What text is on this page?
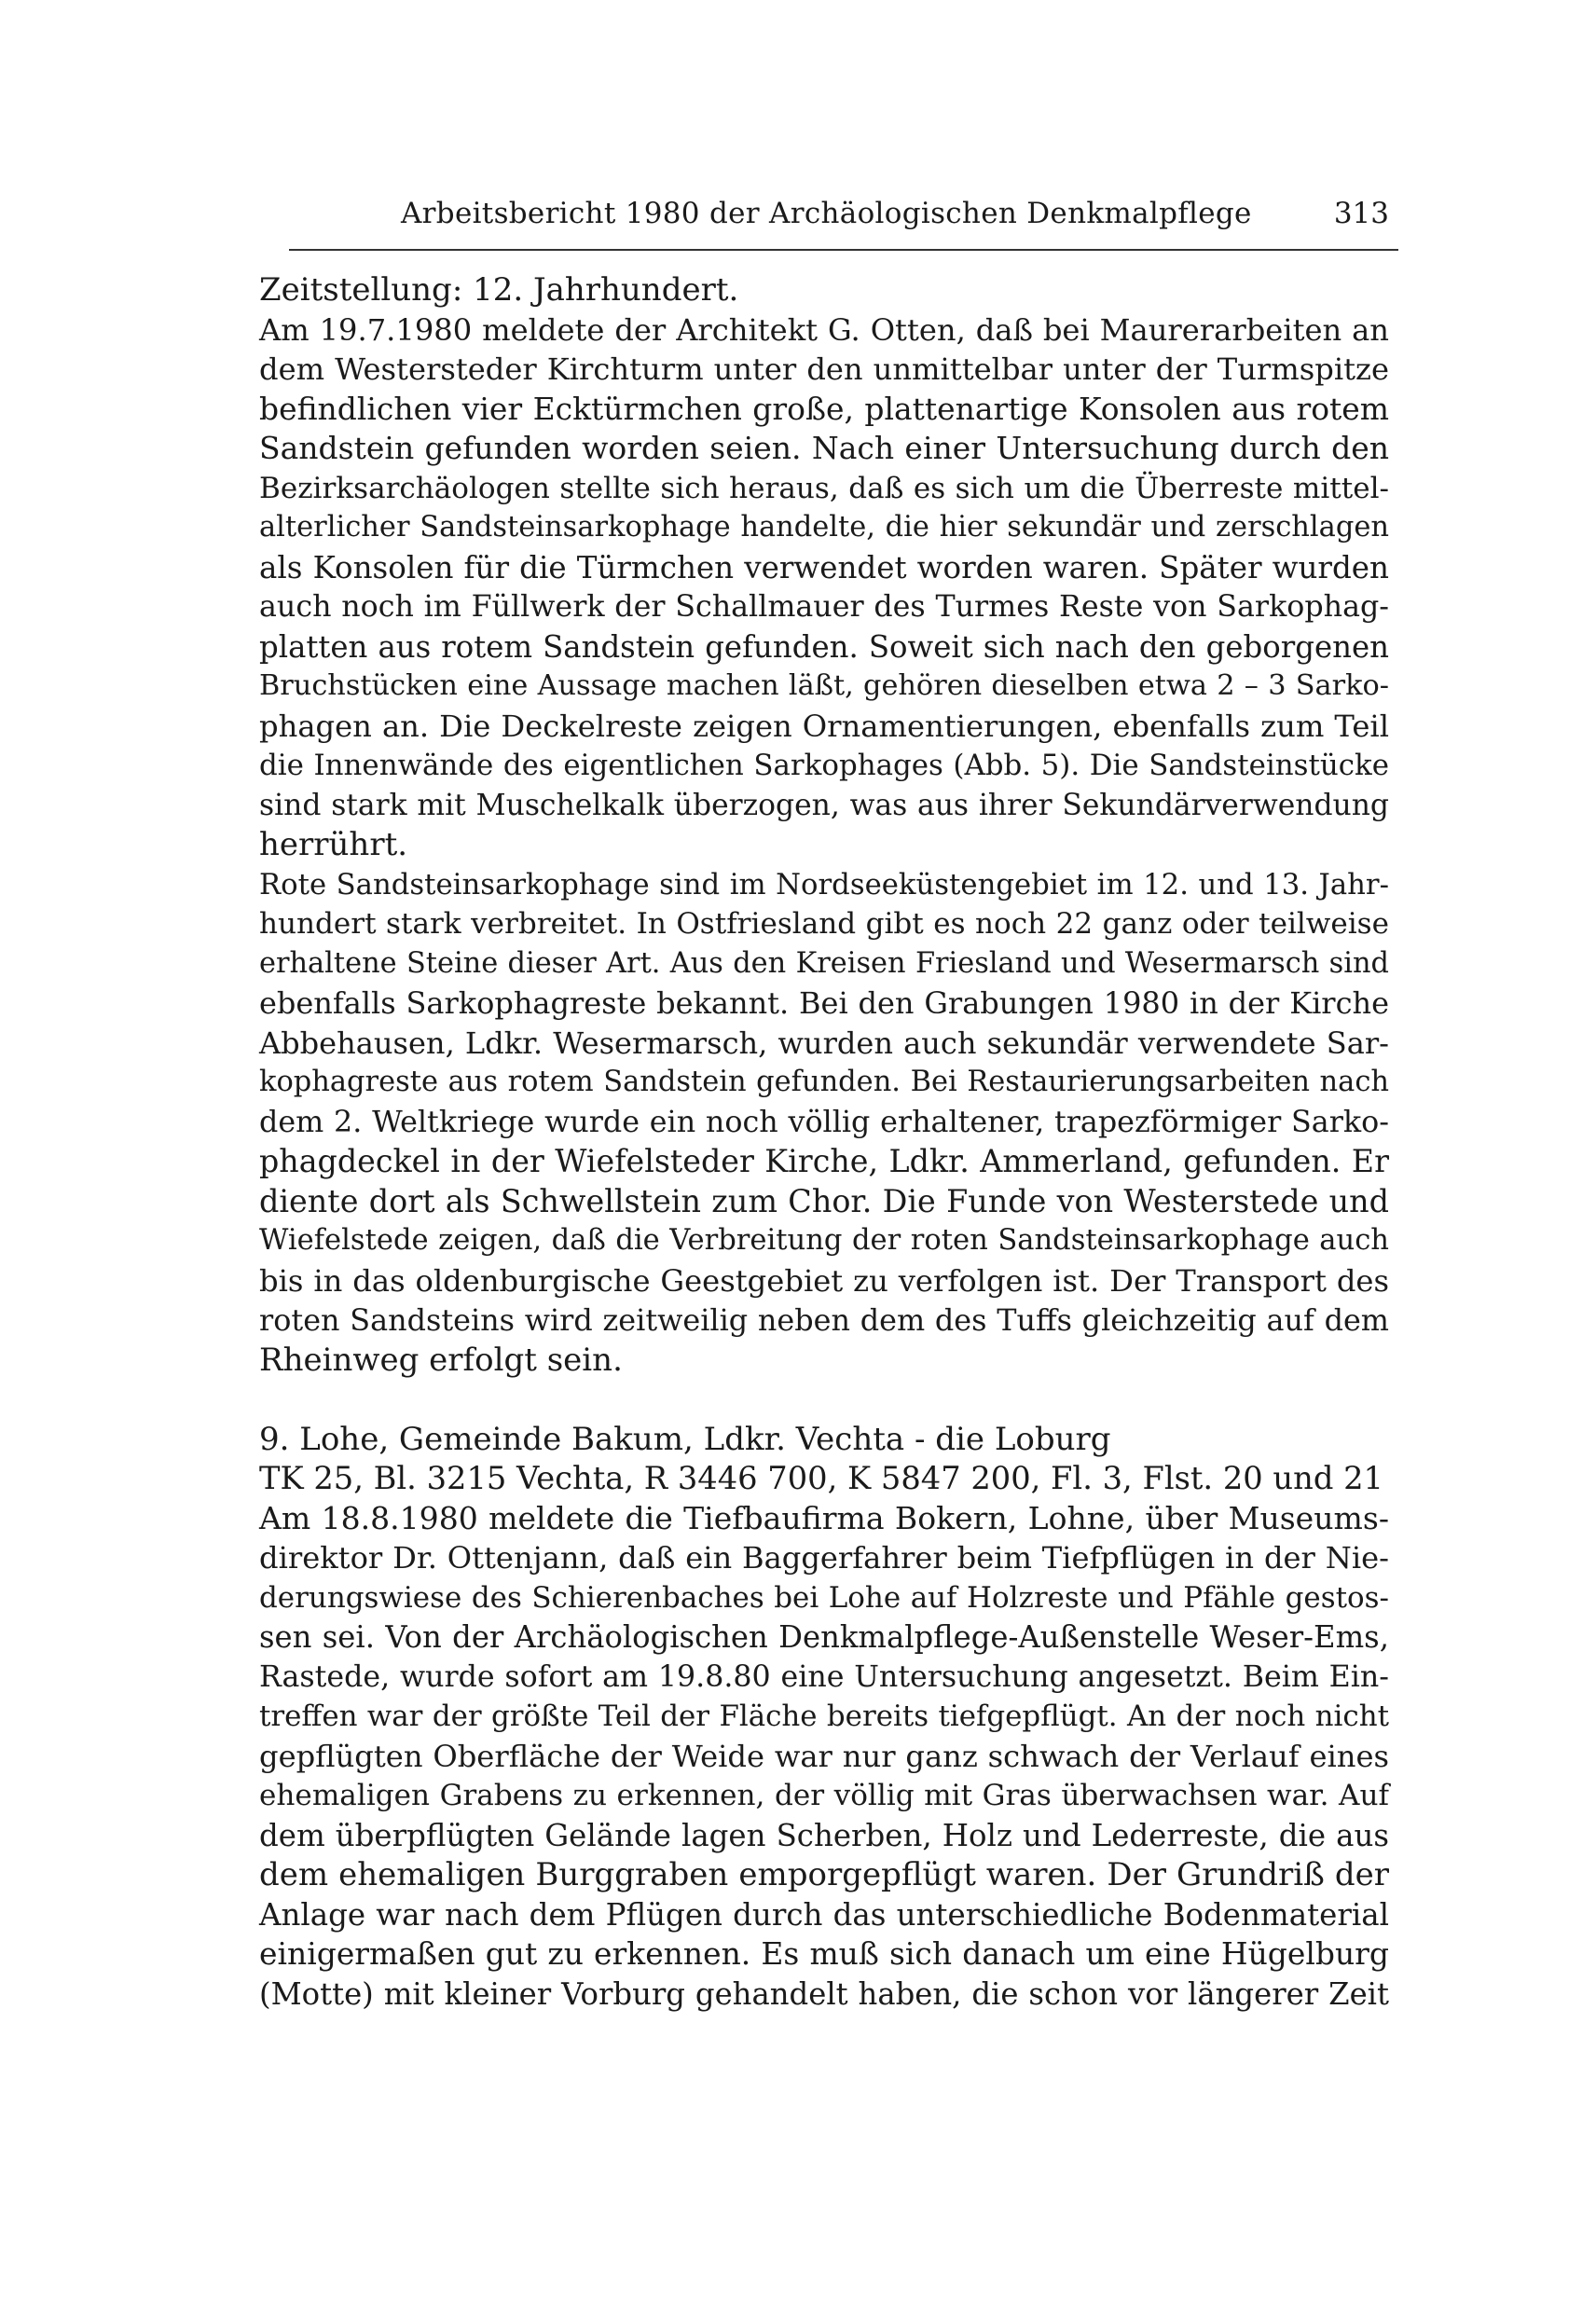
Arbeitsbericht 1980 der Archäologischen Denkmalpflege	313
Zeitstellung: 12. Jahrhundert.
Am 19.7.1980 meldete der Architekt G. Otten, daß bei Maurerarbeiten an
dem Westersteder Kirchturm unter den unmittelbar unter der Turmspitze
befindlichen vier Ecktürmchen große, plattenartige Konsolen aus rotem
Sandstein gefunden worden seien. Nach einer Untersuchung durch den
Bezirksarchäologen stellte sich heraus, daß es sich um die Überreste mittel-
alterlicher Sandsteinsarkophage handelte, die hier sekundär und zerschlagen
als Konsolen für die Türmchen verwendet worden waren. Später wurden
auch noch im Füllwerk der Schallmauer des Turmes Reste von Sarkophag-
platten aus rotem Sandstein gefunden. Soweit sich nach den geborgenen
Bruchstücken eine Aussage machen läßt, gehören dieselben etwa 2 – 3 Sarko-
phagen an. Die Deckelreste zeigen Ornamentierungen, ebenfalls zum Teil
die Innenwände des eigentlichen Sarkophages (Abb. 5). Die Sandsteinstücke
sind stark mit Muschelkalk überzogen, was aus ihrer Sekundärverwendung
herrührt.
Rote Sandsteinsarkophage sind im Nordseeküstengebiet im 12. und 13. Jahr-
hundert stark verbreitet. In Ostfriesland gibt es noch 22 ganz oder teilweise
erhaltene Steine dieser Art. Aus den Kreisen Friesland und Wesermarsch sind
ebenfalls Sarkophagreste bekannt. Bei den Grabungen 1980 in der Kirche
Abbehausen, Ldkr. Wesermarsch, wurden auch sekundär verwendete Sar-
kophagreste aus rotem Sandstein gefunden. Bei Restaurierungsarbeiten nach
dem 2. Weltkriege wurde ein noch völlig erhaltener, trapezförmiger Sarko-
phagdeckel in der Wiefelsteder Kirche, Ldkr. Ammerland, gefunden. Er
diente dort als Schwellstein zum Chor. Die Funde von Westerstede und
Wiefelstede zeigen, daß die Verbreitung der roten Sandsteinsarkophage auch
bis in das oldenburgische Geestgebiet zu verfolgen ist. Der Transport des
roten Sandsteins wird zeitweilig neben dem des Tuffs gleichzeitig auf dem
Rheinweg erfolgt sein.
9. Lohe, Gemeinde Bakum, Ldkr. Vechta - die Loburg
TK 25, Bl. 3215 Vechta, R 3446 700, K 5847 200, Fl. 3, Flst. 20 und 21
Am 18.8.1980 meldete die Tiefbaufirma Bokern, Lohne, über Museums-
direktor Dr. Ottenjann, daß ein Baggerfahrer beim Tiefpflügen in der Nie-
derungswiese des Schierenbaches bei Lohe auf Holzreste und Pfähle gestos-
sen sei. Von der Archäologischen Denkmalpflege-Außenstelle Weser-Ems,
Rastede, wurde sofort am 19.8.80 eine Untersuchung angesetzt. Beim Ein-
treffen war der größte Teil der Fläche bereits tiefgepflügt. An der noch nicht
gepflügten Oberfläche der Weide war nur ganz schwach der Verlauf eines
ehemaligen Grabens zu erkennen, der völlig mit Gras überwachsen war. Auf
dem überpflügten Gelände lagen Scherben, Holz und Lederreste, die aus
dem ehemaligen Burggraben emporgepflügt waren. Der Grundriß der
Anlage war nach dem Pflügen durch das unterschiedliche Bodenmaterial
einigermaßen gut zu erkennen. Es muß sich danach um eine Hügelburg
(Motte) mit kleiner Vorburg gehandelt haben, die schon vor längerer Zeit
